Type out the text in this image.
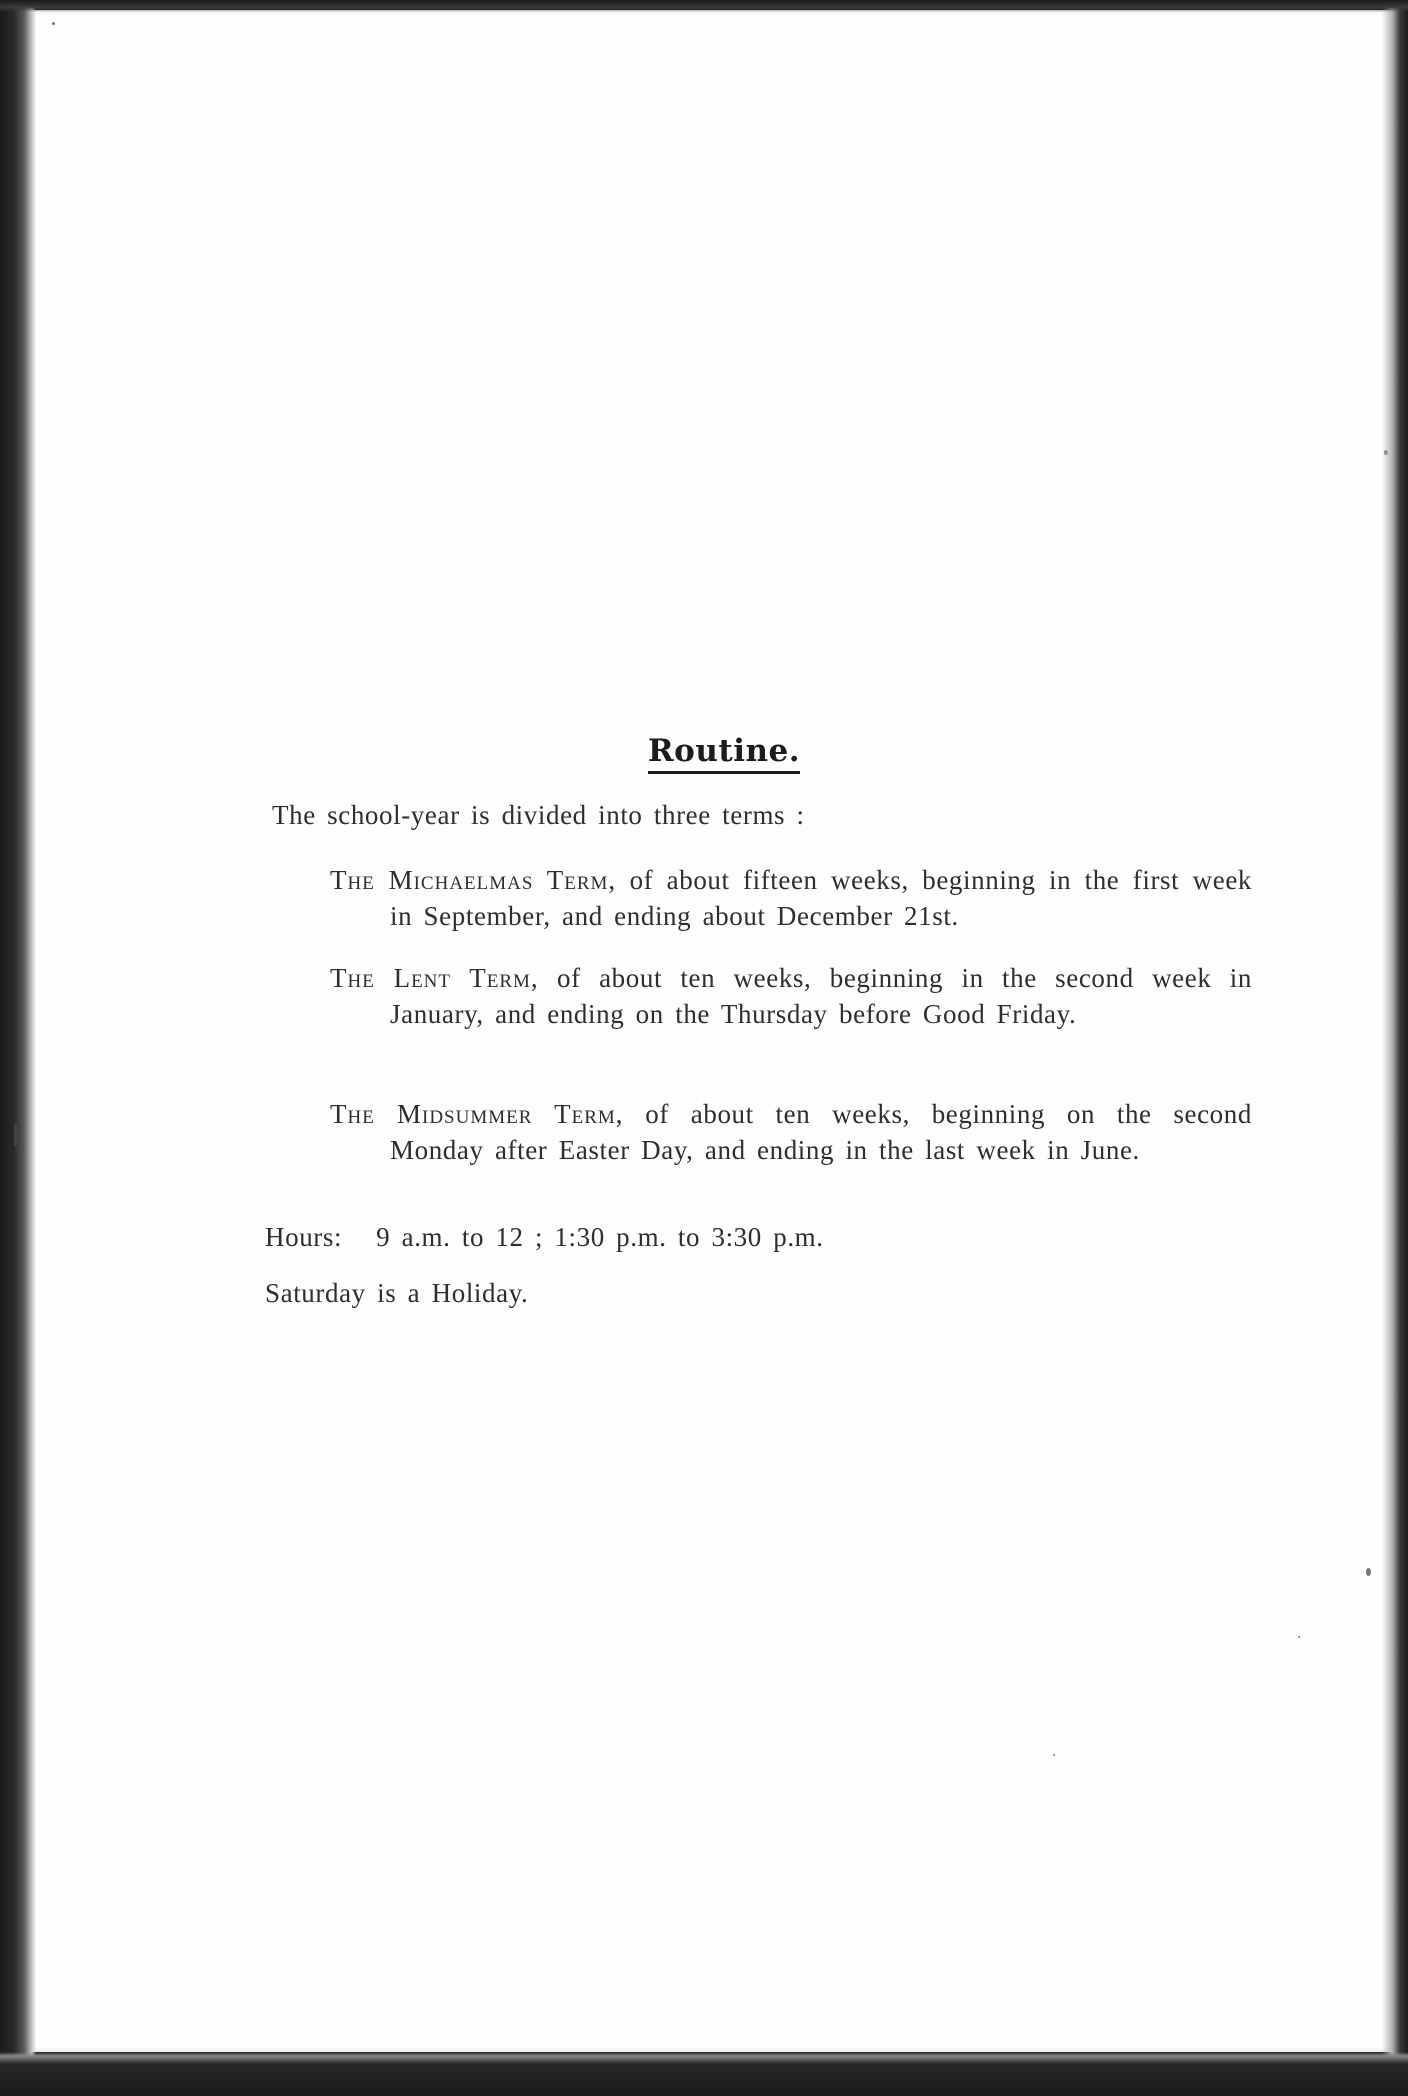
Routine.
The school-year is divided into three terms :
The Michaelmas Term, of about fifteen weeks, beginning in the first week in September, and ending about December 21st.
The Lent Term, of about ten weeks, beginning in the second week in January, and ending on the Thursday before Good Friday.
The Midsummer Term, of about ten weeks, beginning on the second Monday after Easter Day, and ending in the last week in June.
Hours: 9 a.m. to 12 ; 1:30 p.m. to 3:30 p.m.
Saturday is a Holiday.
